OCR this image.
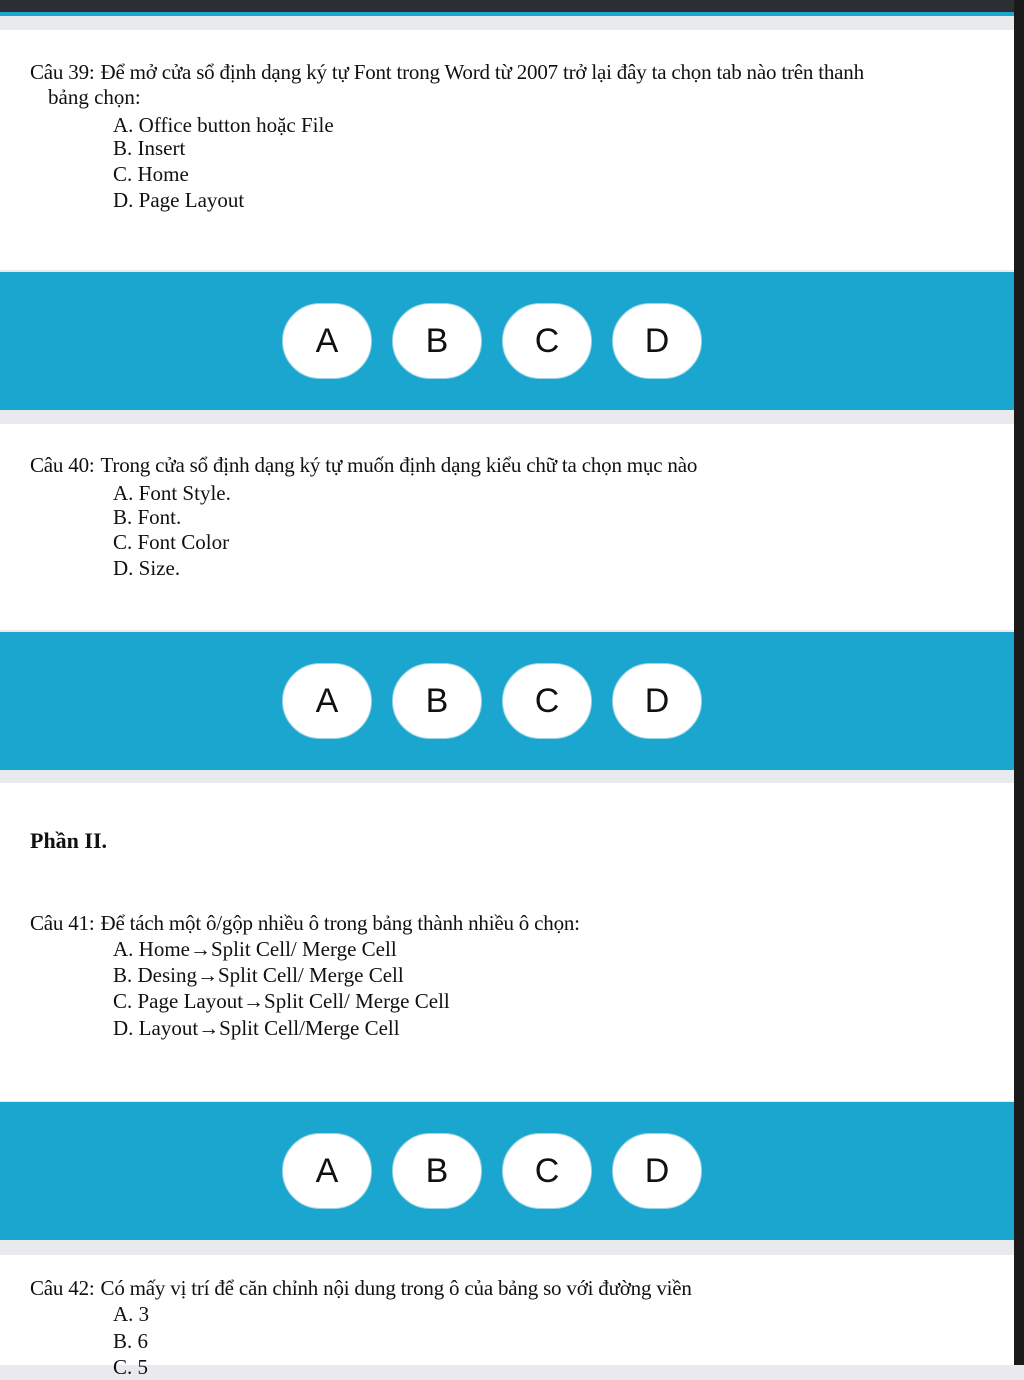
Câu 39: Để mở cửa sổ định dạng ký tự Font trong Word từ 2007 trở lại đây ta chọn tab nào trên thanh
bảng chọn:
A. Office button hoặc File
B. Insert
C. Home
D. Page Layout
A	B	C	D
Câu 40: Trong cửa sổ định dạng ký tự muốn định dạng kiểu chữ ta chọn mục nào
A. Font Style.
B. Font.
C. Font Color
D. Size.
A	B	C	D
Phần II.
Câu 41: Để tách một ô/gộp nhiều ô trong bảng thành nhiều ô chọn:
A. Home→Split Cell/ Merge Cell
B. Desing→Split Cell/ Merge Cell
C. Page Layout→Split Cell/ Merge Cell
D. Layout→Split Cell/Merge Cell
A	B	C	D
Câu 42: Có mấy vị trí để căn chỉnh nội dung trong ô của bảng so với đường viền
A. 3
B. 6
C. 5
